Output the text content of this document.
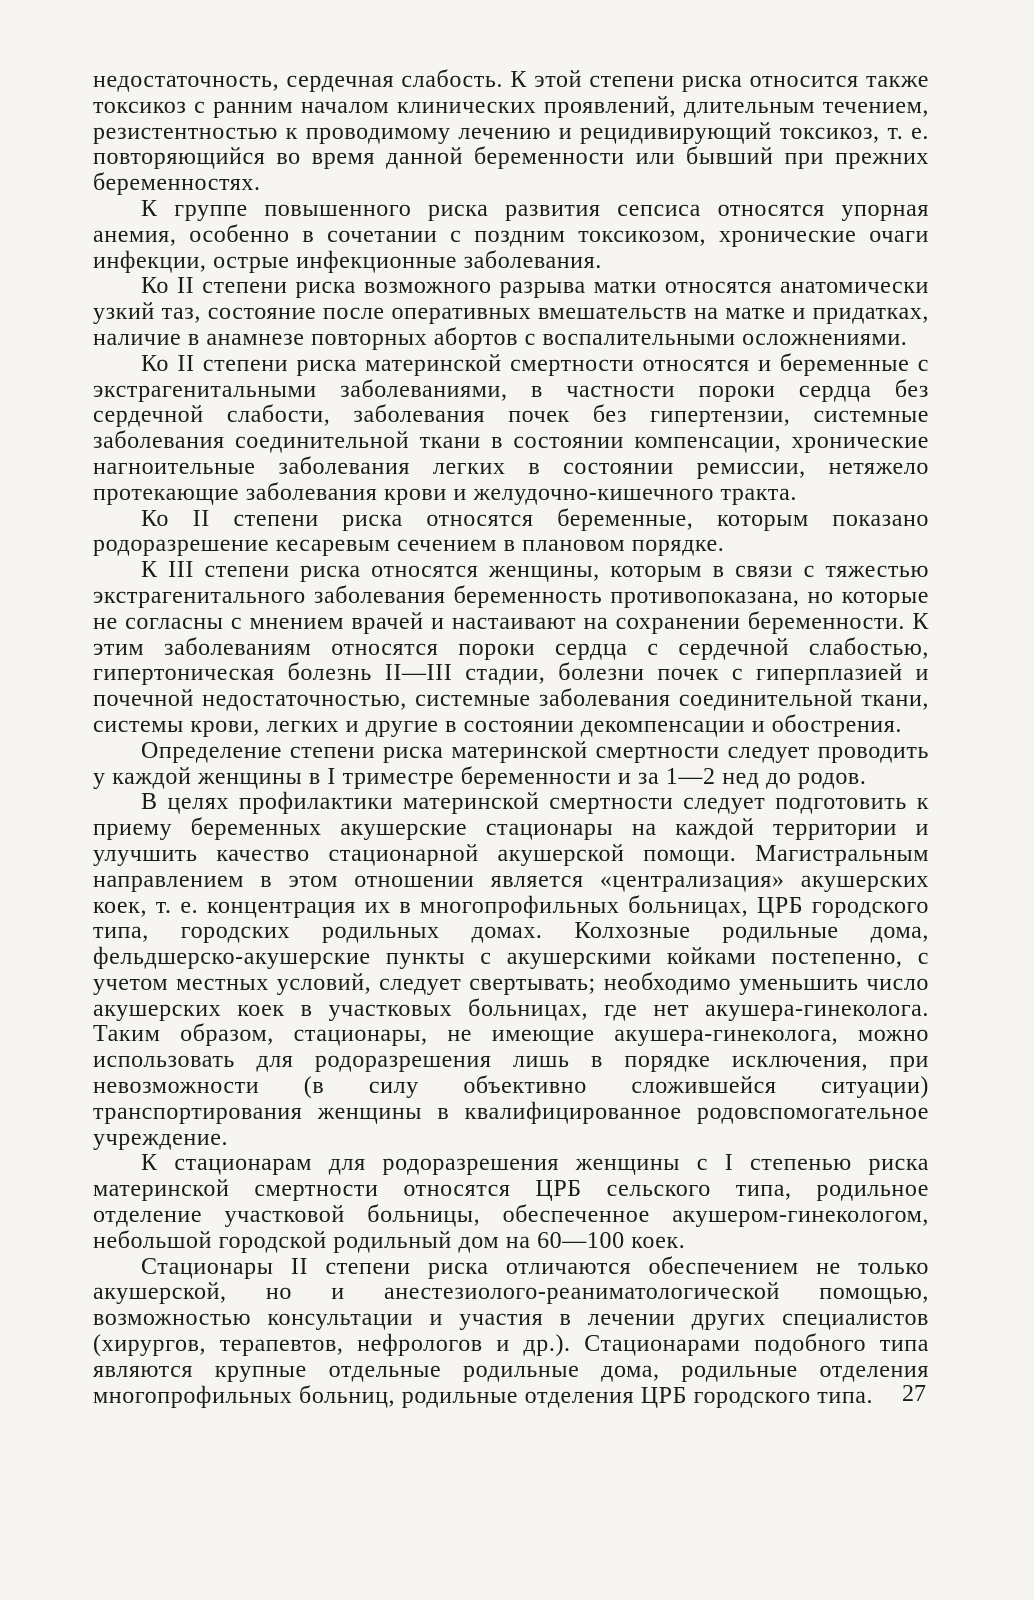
недостаточность, сердечная слабость. К этой степени риска относится также токсикоз с ранним началом клинических проявлений, длительным течением, резистентностью к проводимому лечению и рецидивирующий токсикоз, т. е. повторяющийся во время данной беременности или бывший при прежних беременностях.

К группе повышенного риска развития сепсиса относятся упорная анемия, особенно в сочетании с поздним токсикозом, хронические очаги инфекции, острые инфекционные заболевания.

Ко II степени риска возможного разрыва матки относятся анатомически узкий таз, состояние после оперативных вмешательств на матке и придатках, наличие в анамнезе повторных абортов с воспалительными осложнениями.

Ко II степени риска материнской смертности относятся и беременные с экстрагенитальными заболеваниями, в частности пороки сердца без сердечной слабости, заболевания почек без гипертензии, системные заболевания соединительной ткани в состоянии компенсации, хронические нагноительные заболевания легких в состоянии ремиссии, нетяжело протекающие заболевания крови и желудочно-кишечного тракта.

Ко II степени риска относятся беременные, которым показано родоразрешение кесаревым сечением в плановом порядке.

К III степени риска относятся женщины, которым в связи с тяжестью экстрагенитального заболевания беременность противопоказана, но которые не согласны с мнением врачей и настаивают на сохранении беременности. К этим заболеваниям относятся пороки сердца с сердечной слабостью, гипертоническая болезнь II—III стадии, болезни почек с гиперплазией и почечной недостаточностью, системные заболевания соединительной ткани, системы крови, легких и другие в состоянии декомпенсации и обострения.

Определение степени риска материнской смертности следует проводить у каждой женщины в I триместре беременности и за 1—2 нед до родов.

В целях профилактики материнской смертности следует подготовить к приему беременных акушерские стационары на каждой территории и улучшить качество стационарной акушерской помощи. Магистральным направлением в этом отношении является «централизация» акушерских коек, т. е. концентрация их в многопрофильных больницах, ЦРБ городского типа, городских родильных домах. Колхозные родильные дома, фельдшерско-акушерские пункты с акушерскими койками постепенно, с учетом местных условий, следует свертывать; необходимо уменьшить число акушерских коек в участковых больницах, где нет акушера-гинеколога. Таким образом, стационары, не имеющие акушера-гинеколога, можно использовать для родоразрешения лишь в порядке исключения, при невозможности (в силу объективно сложившейся ситуации) транспортирования женщины в квалифицированное родовспомогательное учреждение.

К стационарам для родоразрешения женщины с I степенью риска материнской смертности относятся ЦРБ сельского типа, родильное отделение участковой больницы, обеспеченное акушером-гинекологом, небольшой городской родильный дом на 60—100 коек.

Стационары II степени риска отличаются обеспечением не только акушерской, но и анестезиолого-реаниматологической помощью, возможностью консультации и участия в лечении других специалистов (хирургов, терапевтов, нефрологов и др.). Стационарами подобного типа являются крупные отдельные родильные дома, родильные отделения многопрофильных больниц, родильные отделения ЦРБ городского типа.	27
